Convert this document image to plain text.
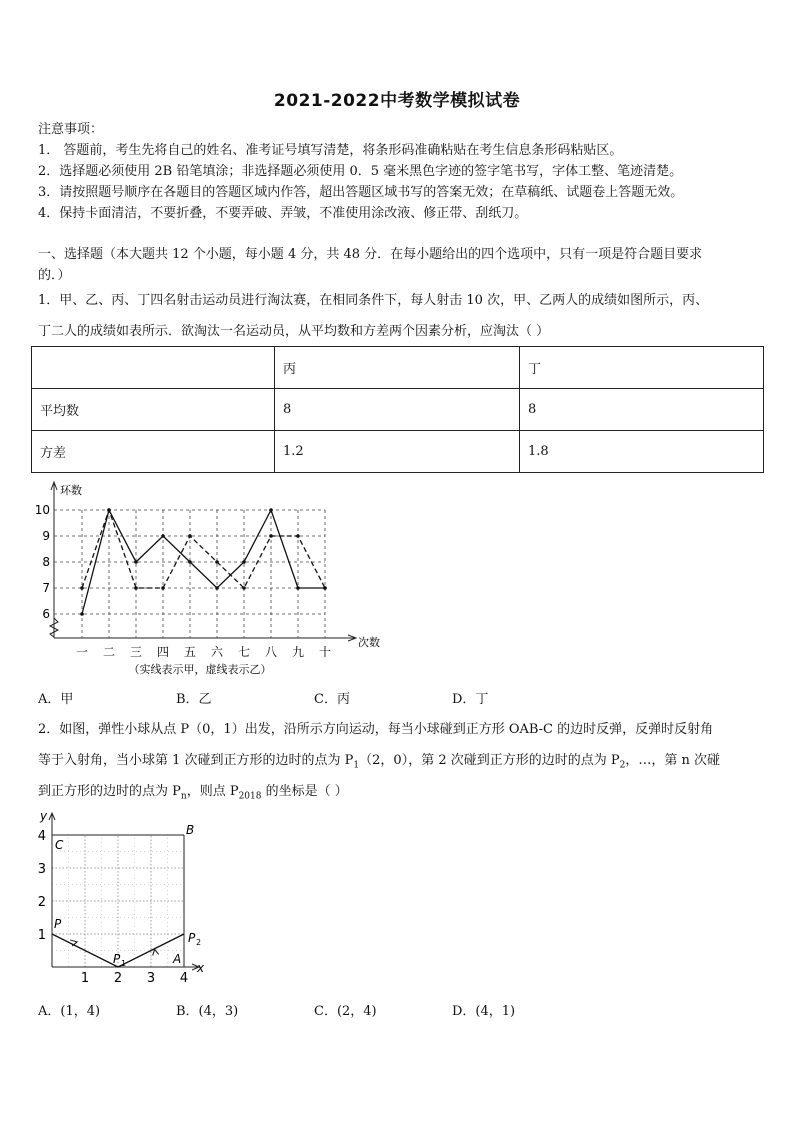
2021-2022中考数学模拟试卷
注意事项：
1． 答题前，考生先将自己的姓名、准考证号填写清楚，将条形码准确粘贴在考生信息条形码粘贴区。
2．选择题必须使用 2B 铅笔填涂；非选择题必须使用 0．5 毫米黑色字迹的签字笔书写，字体工整、笔迹清楚。
3．请按照题号顺序在各题目的答题区域内作答，超出答题区域书写的答案无效；在草稿纸、试题卷上答题无效。
4．保持卡面清洁，不要折叠，不要弄破、弄皱，不准使用涂改液、修正带、刮纸刀。
一、选择题（本大题共 12 个小题，每小题 4 分，共 48 分．在每小题给出的四个选项中，只有一项是符合题目要求
的．）
1．甲、乙、丙、丁四名射击运动员进行淘汰赛，在相同条件下，每人射击 10 次，甲、乙两人的成绩如图所示，丙、
丁二人的成绩如表所示．欲淘汰一名运动员，从平均数和方差两个因素分析，应淘汰（ ）
	丙	丁
平均数	8	8
方差	1.2	1.8
6
7
8
9
10
一 二 三 四 五 六 七 八 九 十
环数
次数
（实线表示甲，虚线表示乙）
A．甲	B．乙	C．丙	D．丁
2．如图，弹性小球从点 P（0，1）出发，沿所示方向运动，每当小球碰到正方形 OAB-C 的边时反弹，反弹时反射角
等于入射角，当小球第 1 次碰到正方形的边时的点为 $P_1(2$，0），第 2 次碰到正方形的边时的点为 $P_2$，…，第 n 次碰
到正方形的边时的点为 $P_n$，则点 $P_{2018}$ 的坐标是（ ）
1 2 3 4
1
2
3
4
y
x
C
B
P
P 1
P 2
A
A．(1，4)	B．(4，3)	C．(2，4)	D．(4，1)
